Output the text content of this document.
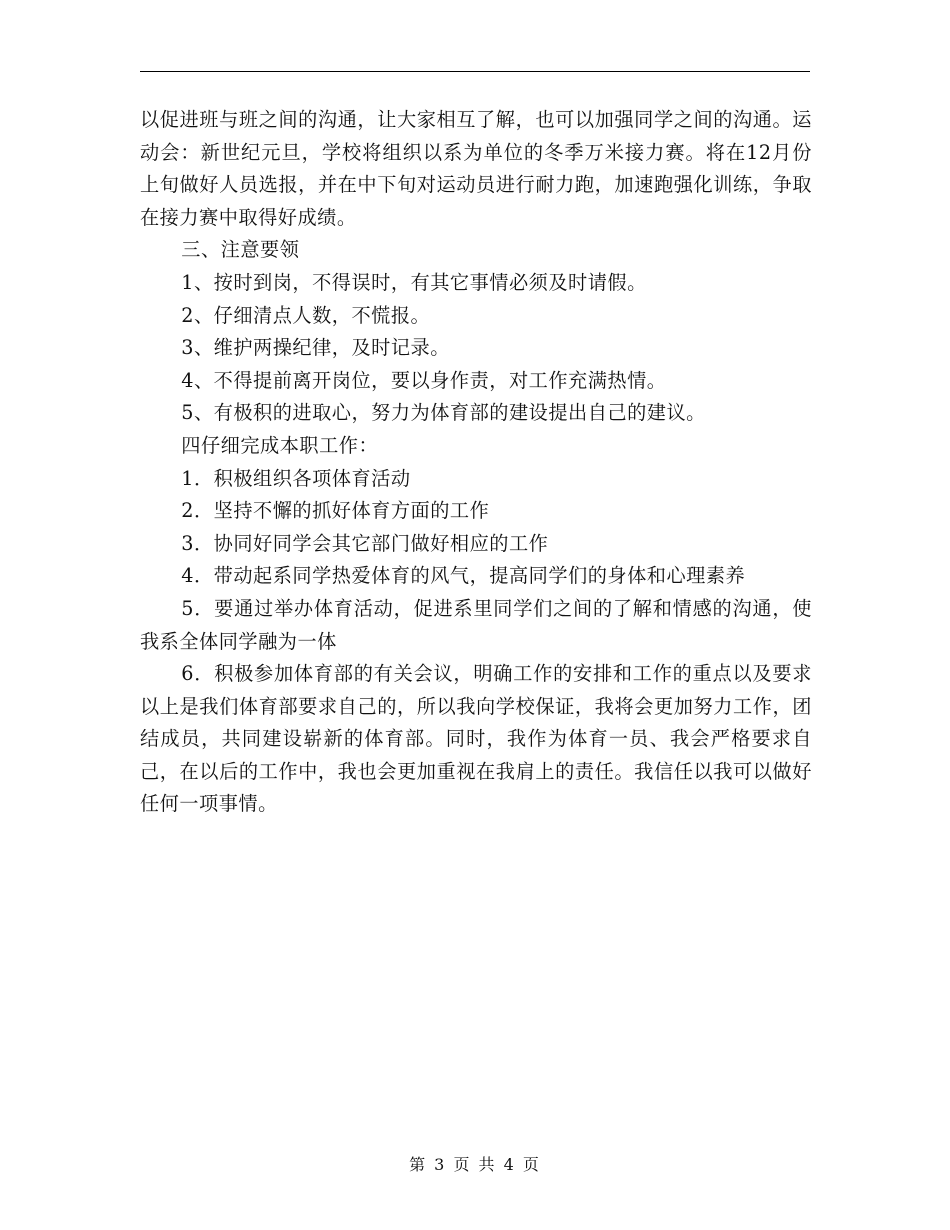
以促进班与班之间的沟通，让大家相互了解，也可以加强同学之间的沟通。运动会：新世纪元旦，学校将组织以系为单位的冬季万米接力赛。将在12月份上旬做好人员选报，并在中下旬对运动员进行耐力跑，加速跑强化训练，争取在接力赛中取得好成绩。

三、注意要领

1、按时到岗，不得误时，有其它事情必须及时请假。

2、仔细清点人数，不慌报。

3、维护两操纪律，及时记录。

4、不得提前离开岗位，要以身作责，对工作充满热情。

5、有极积的进取心，努力为体育部的建设提出自己的建议。

四仔细完成本职工作：

1．积极组织各项体育活动

2．坚持不懈的抓好体育方面的工作

3．协同好同学会其它部门做好相应的工作

4．带动起系同学热爱体育的风气，提高同学们的身体和心理素养

5．要通过举办体育活动，促进系里同学们之间的了解和情感的沟通，使我系全体同学融为一体

6．积极参加体育部的有关会议，明确工作的安排和工作的重点以及要求以上是我们体育部要求自己的，所以我向学校保证，我将会更加努力工作，团结成员，共同建设崭新的体育部。同时，我作为体育一员、我会严格要求自己，在以后的工作中，我也会更加重视在我肩上的责任。我信任以我可以做好任何一项事情。

第 3 页 共 4 页
